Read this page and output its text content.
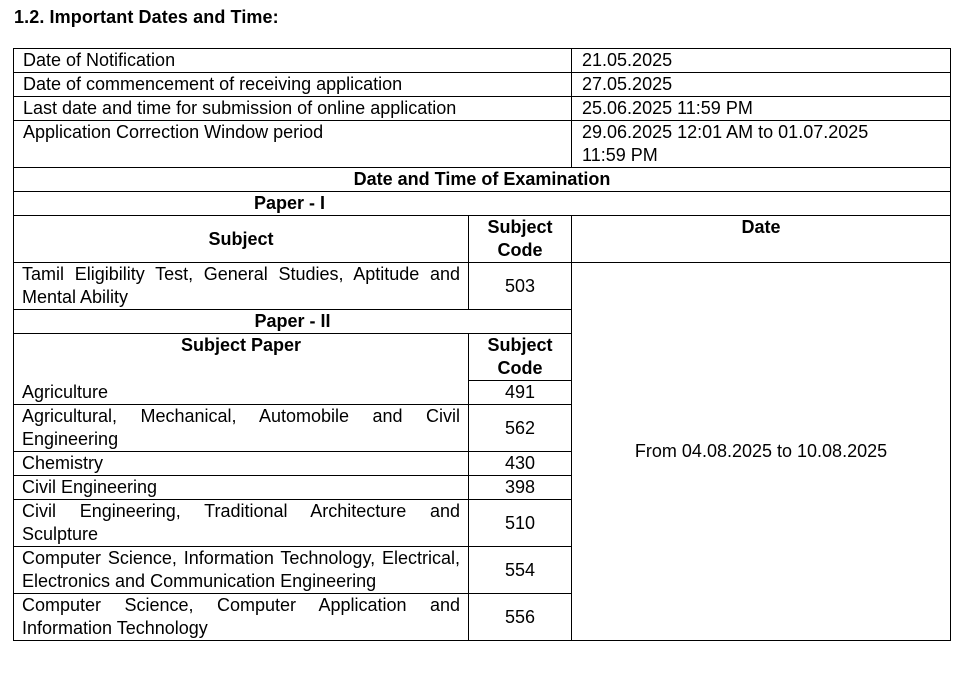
1.2. Important Dates and Time:
Date of Notification		21.05.2025
Date of commencement of receiving application		27.05.2025
Last date and time for submission of online application		25.06.2025 11:59 PM
Application Correction Window period		29.06.2025 12:01 AM to 01.07.2025 11:59 PM
Date and Time of Examination		
Paper - I		
Subject	Subject Code	Date
Tamil Eligibility Test, General Studies, Aptitude and Mental Ability	503	From 04.08.2025 to 10.08.2025
Paper - II		
Subject Paper	Subject Code	
Agriculture	491	
Agricultural, Mechanical, Automobile and Civil Engineering	562	
Chemistry	430	
Civil Engineering	398	
Civil Engineering, Traditional Architecture and Sculpture	510	
Computer Science, Information Technology, Electrical, Electronics and Communication Engineering	554	
Computer Science, Computer Application and Information Technology	556	
